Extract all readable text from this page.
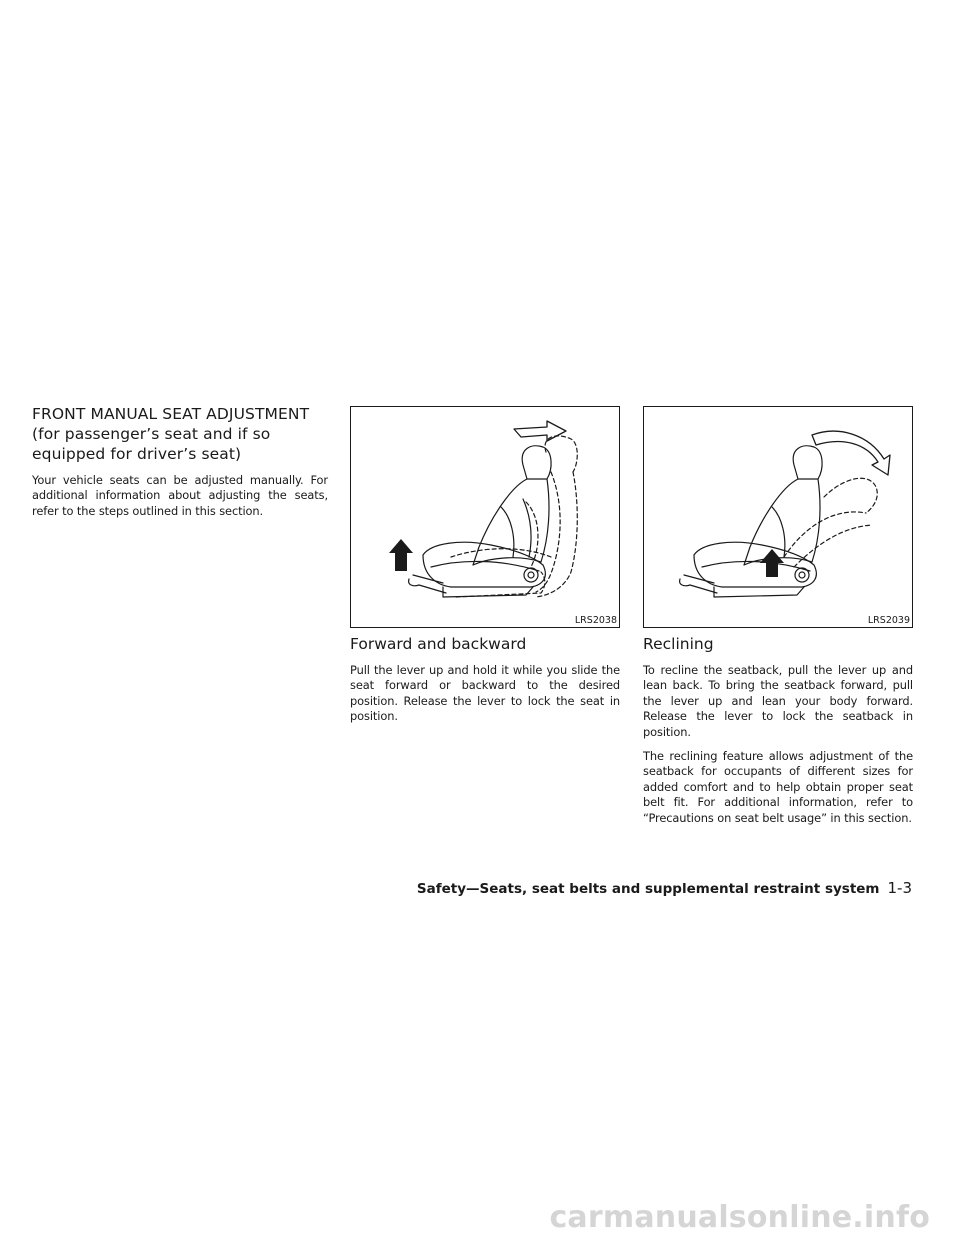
FRONT MANUAL SEAT ADJUSTMENT (for passenger’s seat and if so equipped for driver’s seat)

Your vehicle seats can be adjusted manually. For additional information about adjusting the seats, refer to the steps outlined in this section.

LRS2038	LRS2039
Forward and backward

Pull the lever up and hold it while you slide the seat forward or backward to the desired position. Release the lever to lock the seat in position.

Reclining

To recline the seatback, pull the lever up and lean back. To bring the seatback forward, pull the lever up and lean your body forward. Release the lever to lock the seatback in position.

The reclining feature allows adjustment of the seatback for occupants of different sizes for added comfort and to help obtain proper seat belt fit. For additional information, refer to “Precautions on seat belt usage” in this section.

Safety—Seats, seat belts and supplemental restraint system 1-3
carmanualsonline.info
